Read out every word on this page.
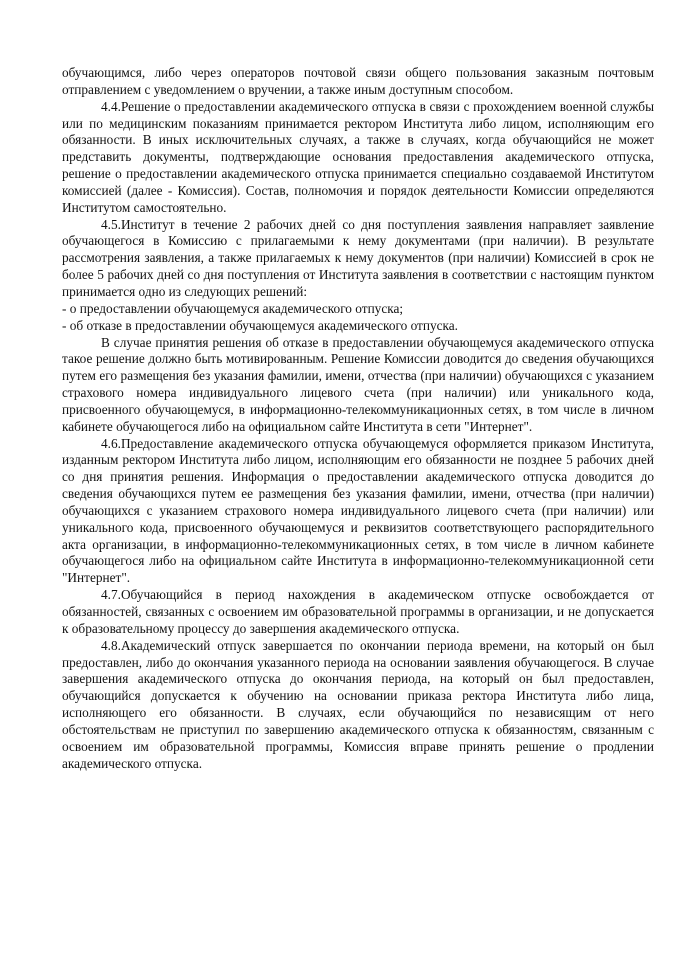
обучающимся, либо через операторов почтовой связи общего пользования заказным почтовым отправлением с уведомлением о вручении, а также иным доступным способом.

4.4.Решение о предоставлении академического отпуска в связи с прохождением военной службы или по медицинским показаниям принимается ректором Института либо лицом, исполняющим его обязанности. В иных исключительных случаях, а также в случаях, когда обучающийся не может представить документы, подтверждающие основания предоставления академического отпуска, решение о предоставлении академического отпуска принимается специально создаваемой Институтом комиссией (далее - Комиссия). Состав, полномочия и порядок деятельности Комиссии определяются Институтом самостоятельно.

4.5.Институт в течение 2 рабочих дней со дня поступления заявления направляет заявление обучающегося в Комиссию с прилагаемыми к нему документами (при наличии). В результате рассмотрения заявления, а также прилагаемых к нему документов (при наличии) Комиссией в срок не более 5 рабочих дней со дня поступления от Института заявления в соответствии с настоящим пунктом принимается одно из следующих решений:

- о предоставлении обучающемуся академического отпуска;

- об отказе в предоставлении обучающемуся академического отпуска.

В случае принятия решения об отказе в предоставлении обучающемуся академического отпуска такое решение должно быть мотивированным. Решение Комиссии доводится до сведения обучающихся путем его размещения без указания фамилии, имени, отчества (при наличии) обучающихся с указанием страхового номера индивидуального лицевого счета (при наличии) или уникального кода, присвоенного обучающемуся, в информационно-телекоммуникационных сетях, в том числе в личном кабинете обучающегося либо на официальном сайте Института в сети "Интернет".

4.6.Предоставление академического отпуска обучающемуся оформляется приказом Института, изданным ректором Института либо лицом, исполняющим его обязанности не позднее 5 рабочих дней со дня принятия решения. Информация о предоставлении академического отпуска доводится до сведения обучающихся путем ее размещения без указания фамилии, имени, отчества (при наличии) обучающихся с указанием страхового номера индивидуального лицевого счета (при наличии) или уникального кода, присвоенного обучающемуся и реквизитов соответствующего распорядительного акта организации, в информационно-телекоммуникационных сетях, в том числе в личном кабинете обучающегося либо на официальном сайте Института в информационно-телекоммуникационной сети "Интернет".

4.7.Обучающийся в период нахождения в академическом отпуске освобождается от обязанностей, связанных с освоением им образовательной программы в организации, и не допускается к образовательному процессу до завершения академического отпуска.

4.8.Академический отпуск завершается по окончании периода времени, на который он был предоставлен, либо до окончания указанного периода на основании заявления обучающегося. В случае завершения академического отпуска до окончания периода, на который он был предоставлен, обучающийся допускается к обучению на основании приказа ректора Института либо лица, исполняющего его обязанности. В случаях, если обучающийся по независящим от него обстоятельствам не приступил по завершению академического отпуска к обязанностям, связанным с освоением им образовательной программы, Комиссия вправе принять решение о продлении академического отпуска.
